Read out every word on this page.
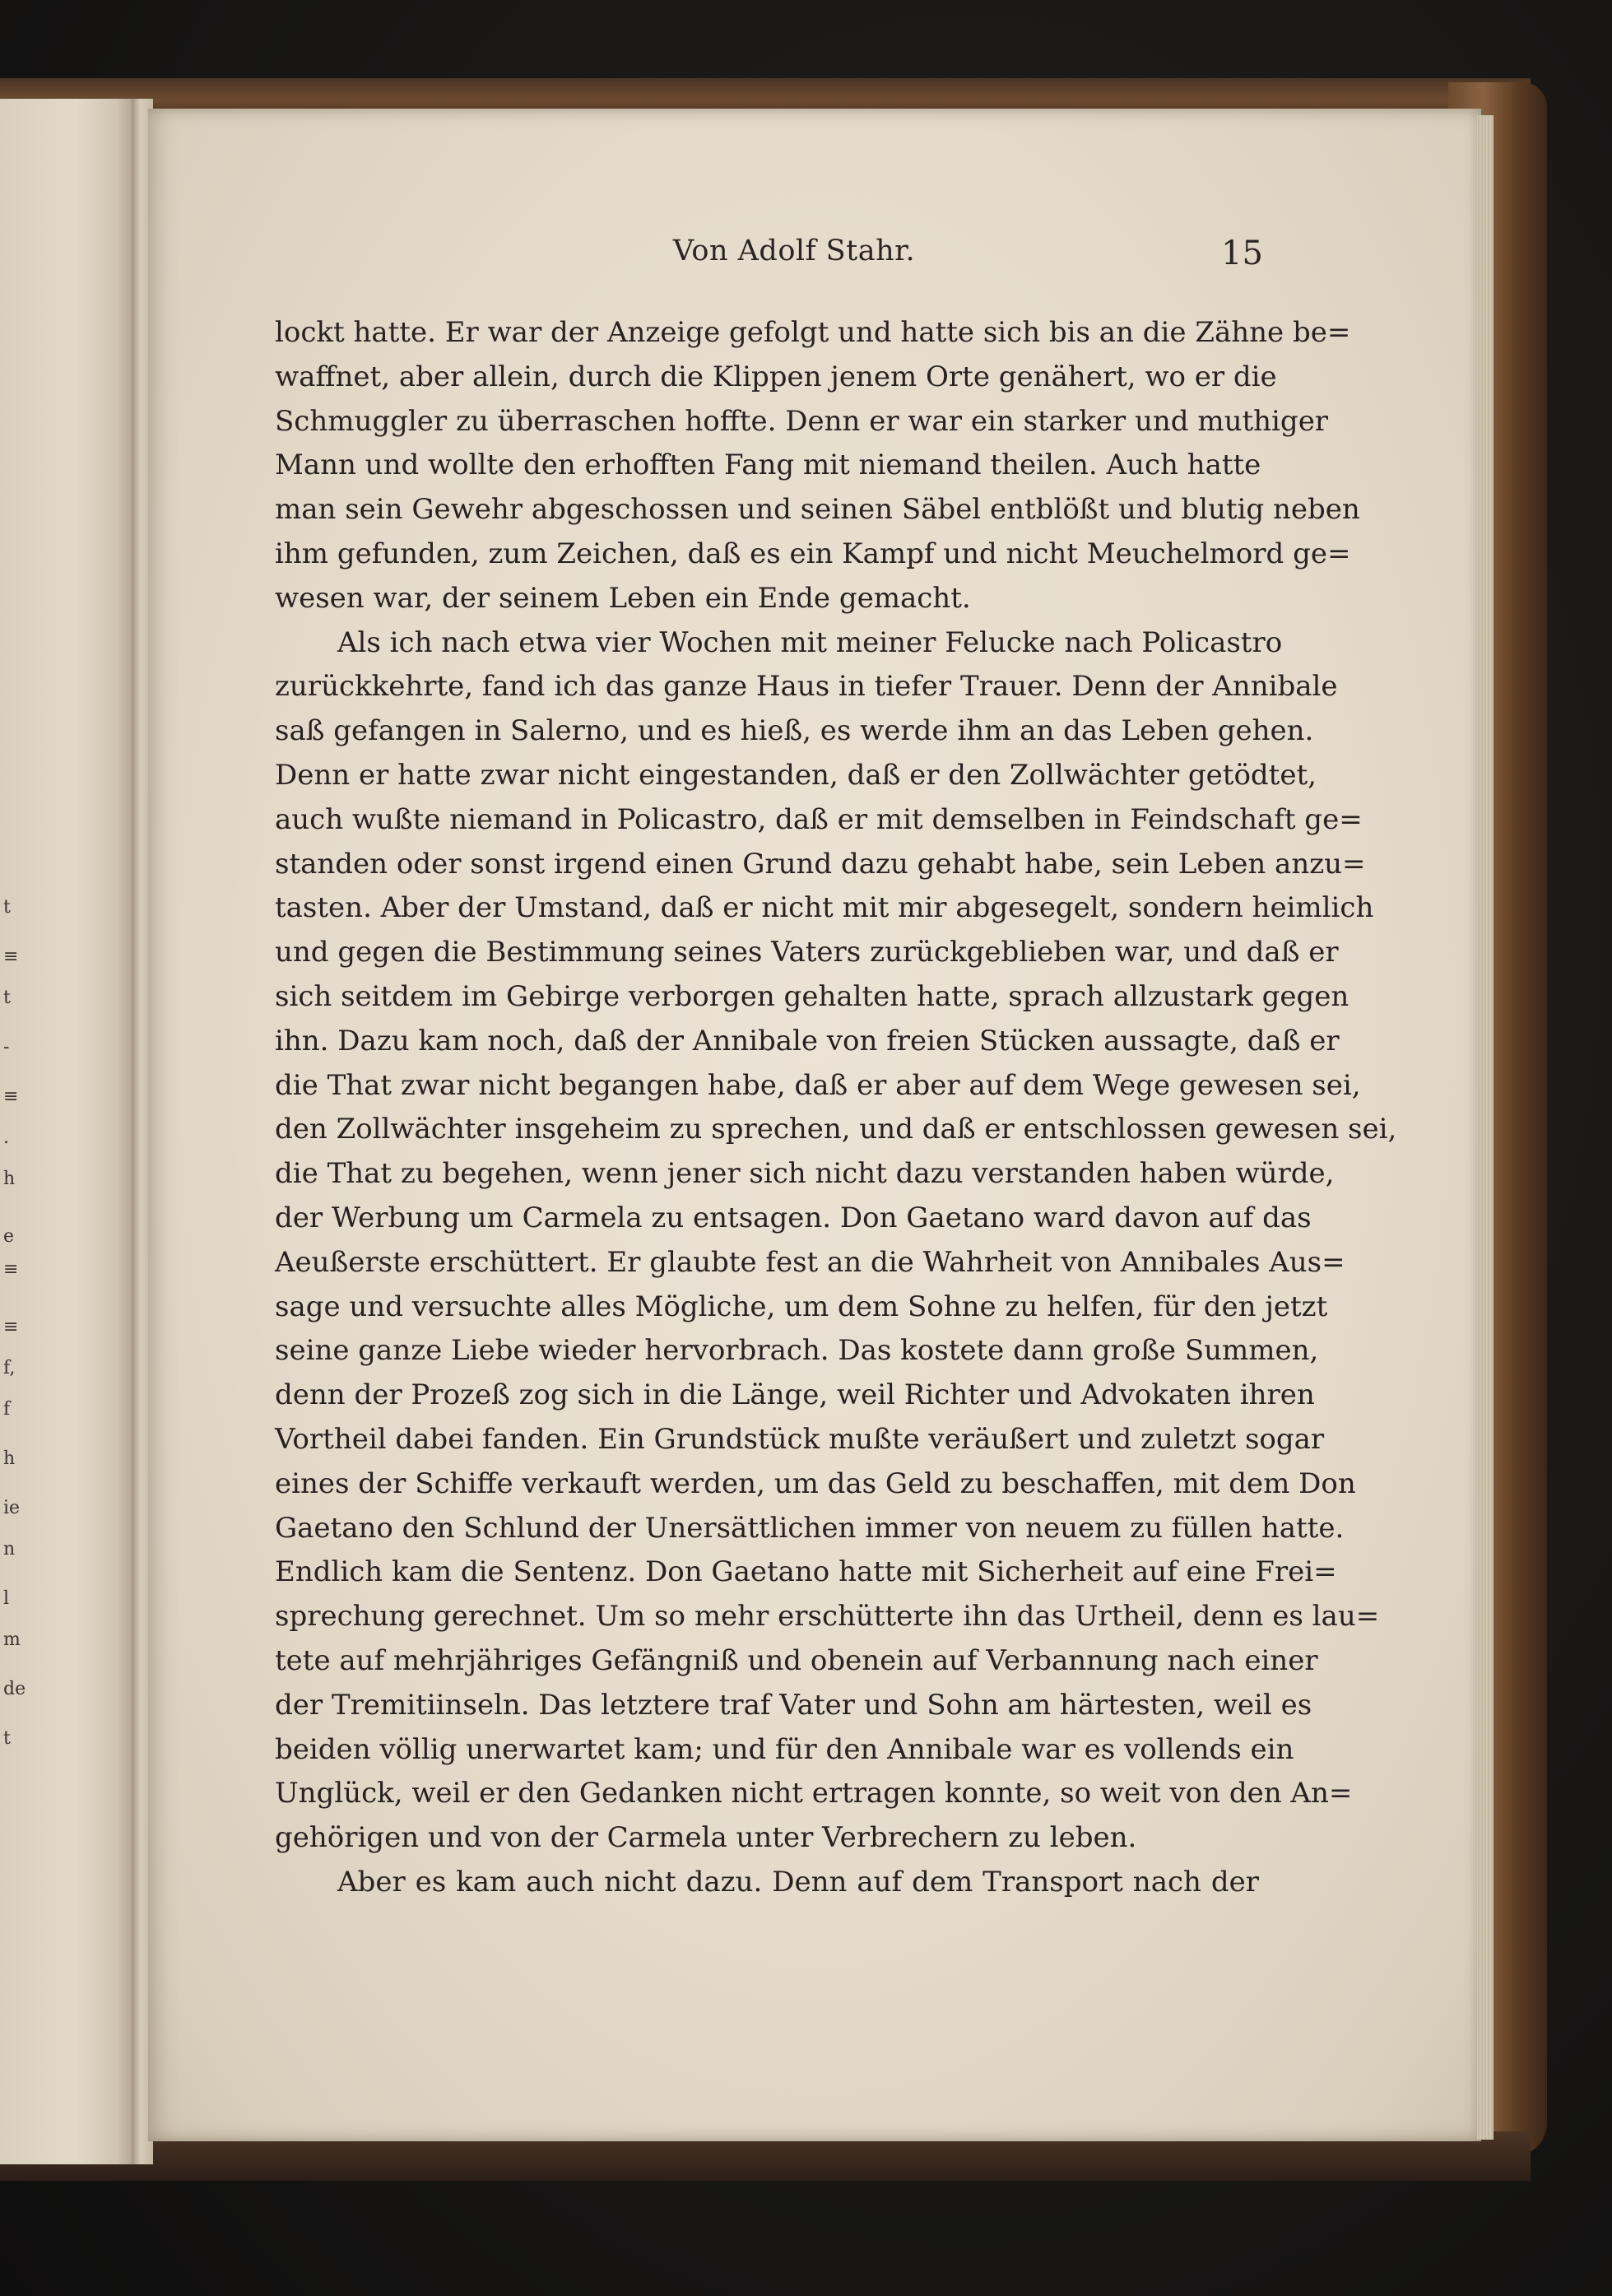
t
≡
t
-
≡
.
h
e
≡
≡
f,
f
h
ie
n
l
m
de
t
Von Adolf Stahr.	15
lockt hatte. Er war der Anzeige gefolgt und hatte sich bis an die Zähne be=
waffnet, aber allein, durch die Klippen jenem Orte genähert, wo er die
Schmuggler zu überraschen hoffte. Denn er war ein starker und muthiger
Mann und wollte den erhofften Fang mit niemand theilen. Auch hatte
man sein Gewehr abgeschossen und seinen Säbel entblößt und blutig neben
ihm gefunden, zum Zeichen, daß es ein Kampf und nicht Meuchelmord ge=
wesen war, der seinem Leben ein Ende gemacht.
Als ich nach etwa vier Wochen mit meiner Felucke nach Policastro
zurückkehrte, fand ich das ganze Haus in tiefer Trauer. Denn der Annibale
saß gefangen in Salerno, und es hieß, es werde ihm an das Leben gehen.
Denn er hatte zwar nicht eingestanden, daß er den Zollwächter getödtet,
auch wußte niemand in Policastro, daß er mit demselben in Feindschaft ge=
standen oder sonst irgend einen Grund dazu gehabt habe, sein Leben anzu=
tasten. Aber der Umstand, daß er nicht mit mir abgesegelt, sondern heimlich
und gegen die Bestimmung seines Vaters zurückgeblieben war, und daß er
sich seitdem im Gebirge verborgen gehalten hatte, sprach allzustark gegen
ihn. Dazu kam noch, daß der Annibale von freien Stücken aussagte, daß er
die That zwar nicht begangen habe, daß er aber auf dem Wege gewesen sei,
den Zollwächter insgeheim zu sprechen, und daß er entschlossen gewesen sei,
die That zu begehen, wenn jener sich nicht dazu verstanden haben würde,
der Werbung um Carmela zu entsagen. Don Gaetano ward davon auf das
Aeußerste erschüttert. Er glaubte fest an die Wahrheit von Annibales Aus=
sage und versuchte alles Mögliche, um dem Sohne zu helfen, für den jetzt
seine ganze Liebe wieder hervorbrach. Das kostete dann große Summen,
denn der Prozeß zog sich in die Länge, weil Richter und Advokaten ihren
Vortheil dabei fanden. Ein Grundstück mußte veräußert und zuletzt sogar
eines der Schiffe verkauft werden, um das Geld zu beschaffen, mit dem Don
Gaetano den Schlund der Unersättlichen immer von neuem zu füllen hatte.
Endlich kam die Sentenz. Don Gaetano hatte mit Sicherheit auf eine Frei=
sprechung gerechnet. Um so mehr erschütterte ihn das Urtheil, denn es lau=
tete auf mehrjähriges Gefängniß und obenein auf Verbannung nach einer
der Tremitiinseln. Das letztere traf Vater und Sohn am härtesten, weil es
beiden völlig unerwartet kam; und für den Annibale war es vollends ein
Unglück, weil er den Gedanken nicht ertragen konnte, so weit von den An=
gehörigen und von der Carmela unter Verbrechern zu leben.
Aber es kam auch nicht dazu. Denn auf dem Transport nach der
